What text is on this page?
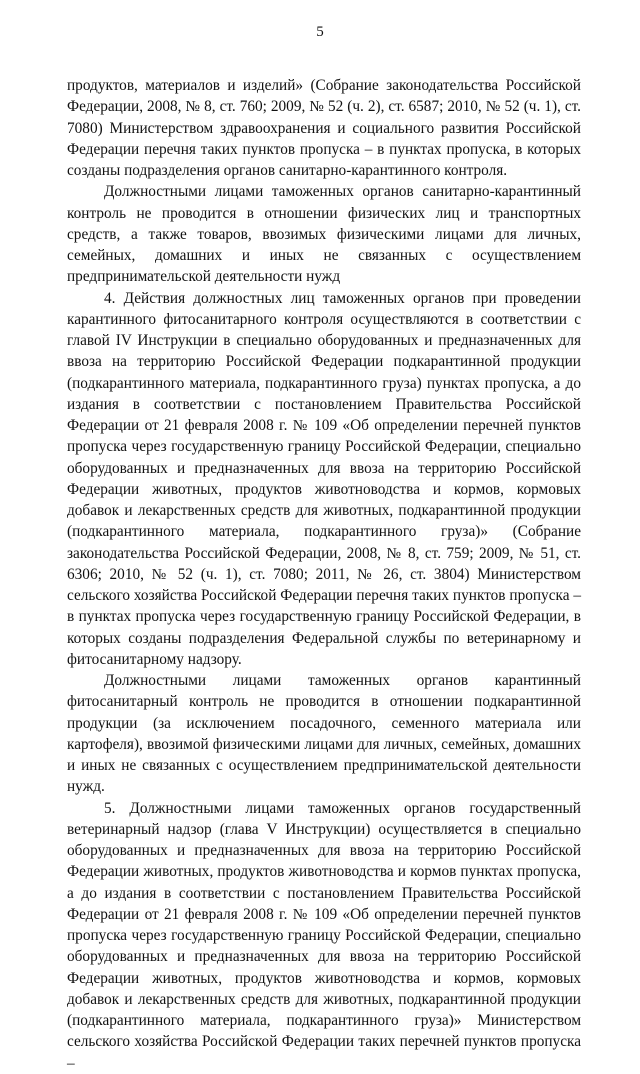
5

продуктов, материалов и изделий» (Собрание законодательства Российской Федерации, 2008, № 8, ст. 760; 2009, № 52 (ч. 2), ст. 6587; 2010, № 52 (ч. 1), ст. 7080) Министерством здравоохранения и социального развития Российской Федерации перечня таких пунктов пропуска – в пунктах пропуска, в которых созданы подразделения органов санитарно-карантинного контроля.

Должностными лицами таможенных органов санитарно-карантинный контроль не проводится в отношении физических лиц и транспортных средств, а также товаров, ввозимых физическими лицами для личных, семейных, домашних и иных не связанных с осуществлением предпринимательской деятельности нужд

4. Действия должностных лиц таможенных органов при проведении карантинного фитосанитарного контроля осуществляются в соответствии с главой IV Инструкции в специально оборудованных и предназначенных для ввоза на территорию Российской Федерации подкарантинной продукции (подкарантинного материала, подкарантинного груза) пунктах пропуска, а до издания в соответствии с постановлением Правительства Российской Федерации от 21 февраля 2008 г. № 109 «Об определении перечней пунктов пропуска через государственную границу Российской Федерации, специально оборудованных и предназначенных для ввоза на территорию Российской Федерации животных, продуктов животноводства и кормов, кормовых добавок и лекарственных средств для животных, подкарантинной продукции (подкарантинного материала, подкарантинного груза)» (Собрание законодательства Российской Федерации, 2008, № 8, ст. 759; 2009, № 51, ст. 6306; 2010, № 52 (ч. 1), ст. 7080; 2011, № 26, ст. 3804) Министерством сельского хозяйства Российской Федерации перечня таких пунктов пропуска – в пунктах пропуска через государственную границу Российской Федерации, в которых созданы подразделения Федеральной службы по ветеринарному и фитосанитарному надзору.

Должностными лицами таможенных органов карантинный фитосанитарный контроль не проводится в отношении подкарантинной продукции (за исключением посадочного, семенного материала или картофеля), ввозимой физическими лицами для личных, семейных, домашних и иных не связанных с осуществлением предпринимательской деятельности нужд.

5. Должностными лицами таможенных органов государственный ветеринарный надзор (глава V Инструкции) осуществляется в специально оборудованных и предназначенных для ввоза на территорию Российской Федерации животных, продуктов животноводства и кормов пунктах пропуска, а до издания в соответствии с постановлением Правительства Российской Федерации от 21 февраля 2008 г. № 109 «Об определении перечней пунктов пропуска через государственную границу Российской Федерации, специально оборудованных и предназначенных для ввоза на территорию Российской Федерации животных, продуктов животноводства и кормов, кормовых добавок и лекарственных средств для животных, подкарантинной продукции (подкарантинного материала, подкарантинного груза)» Министерством сельского хозяйства Российской Федерации таких перечней пунктов пропуска –
